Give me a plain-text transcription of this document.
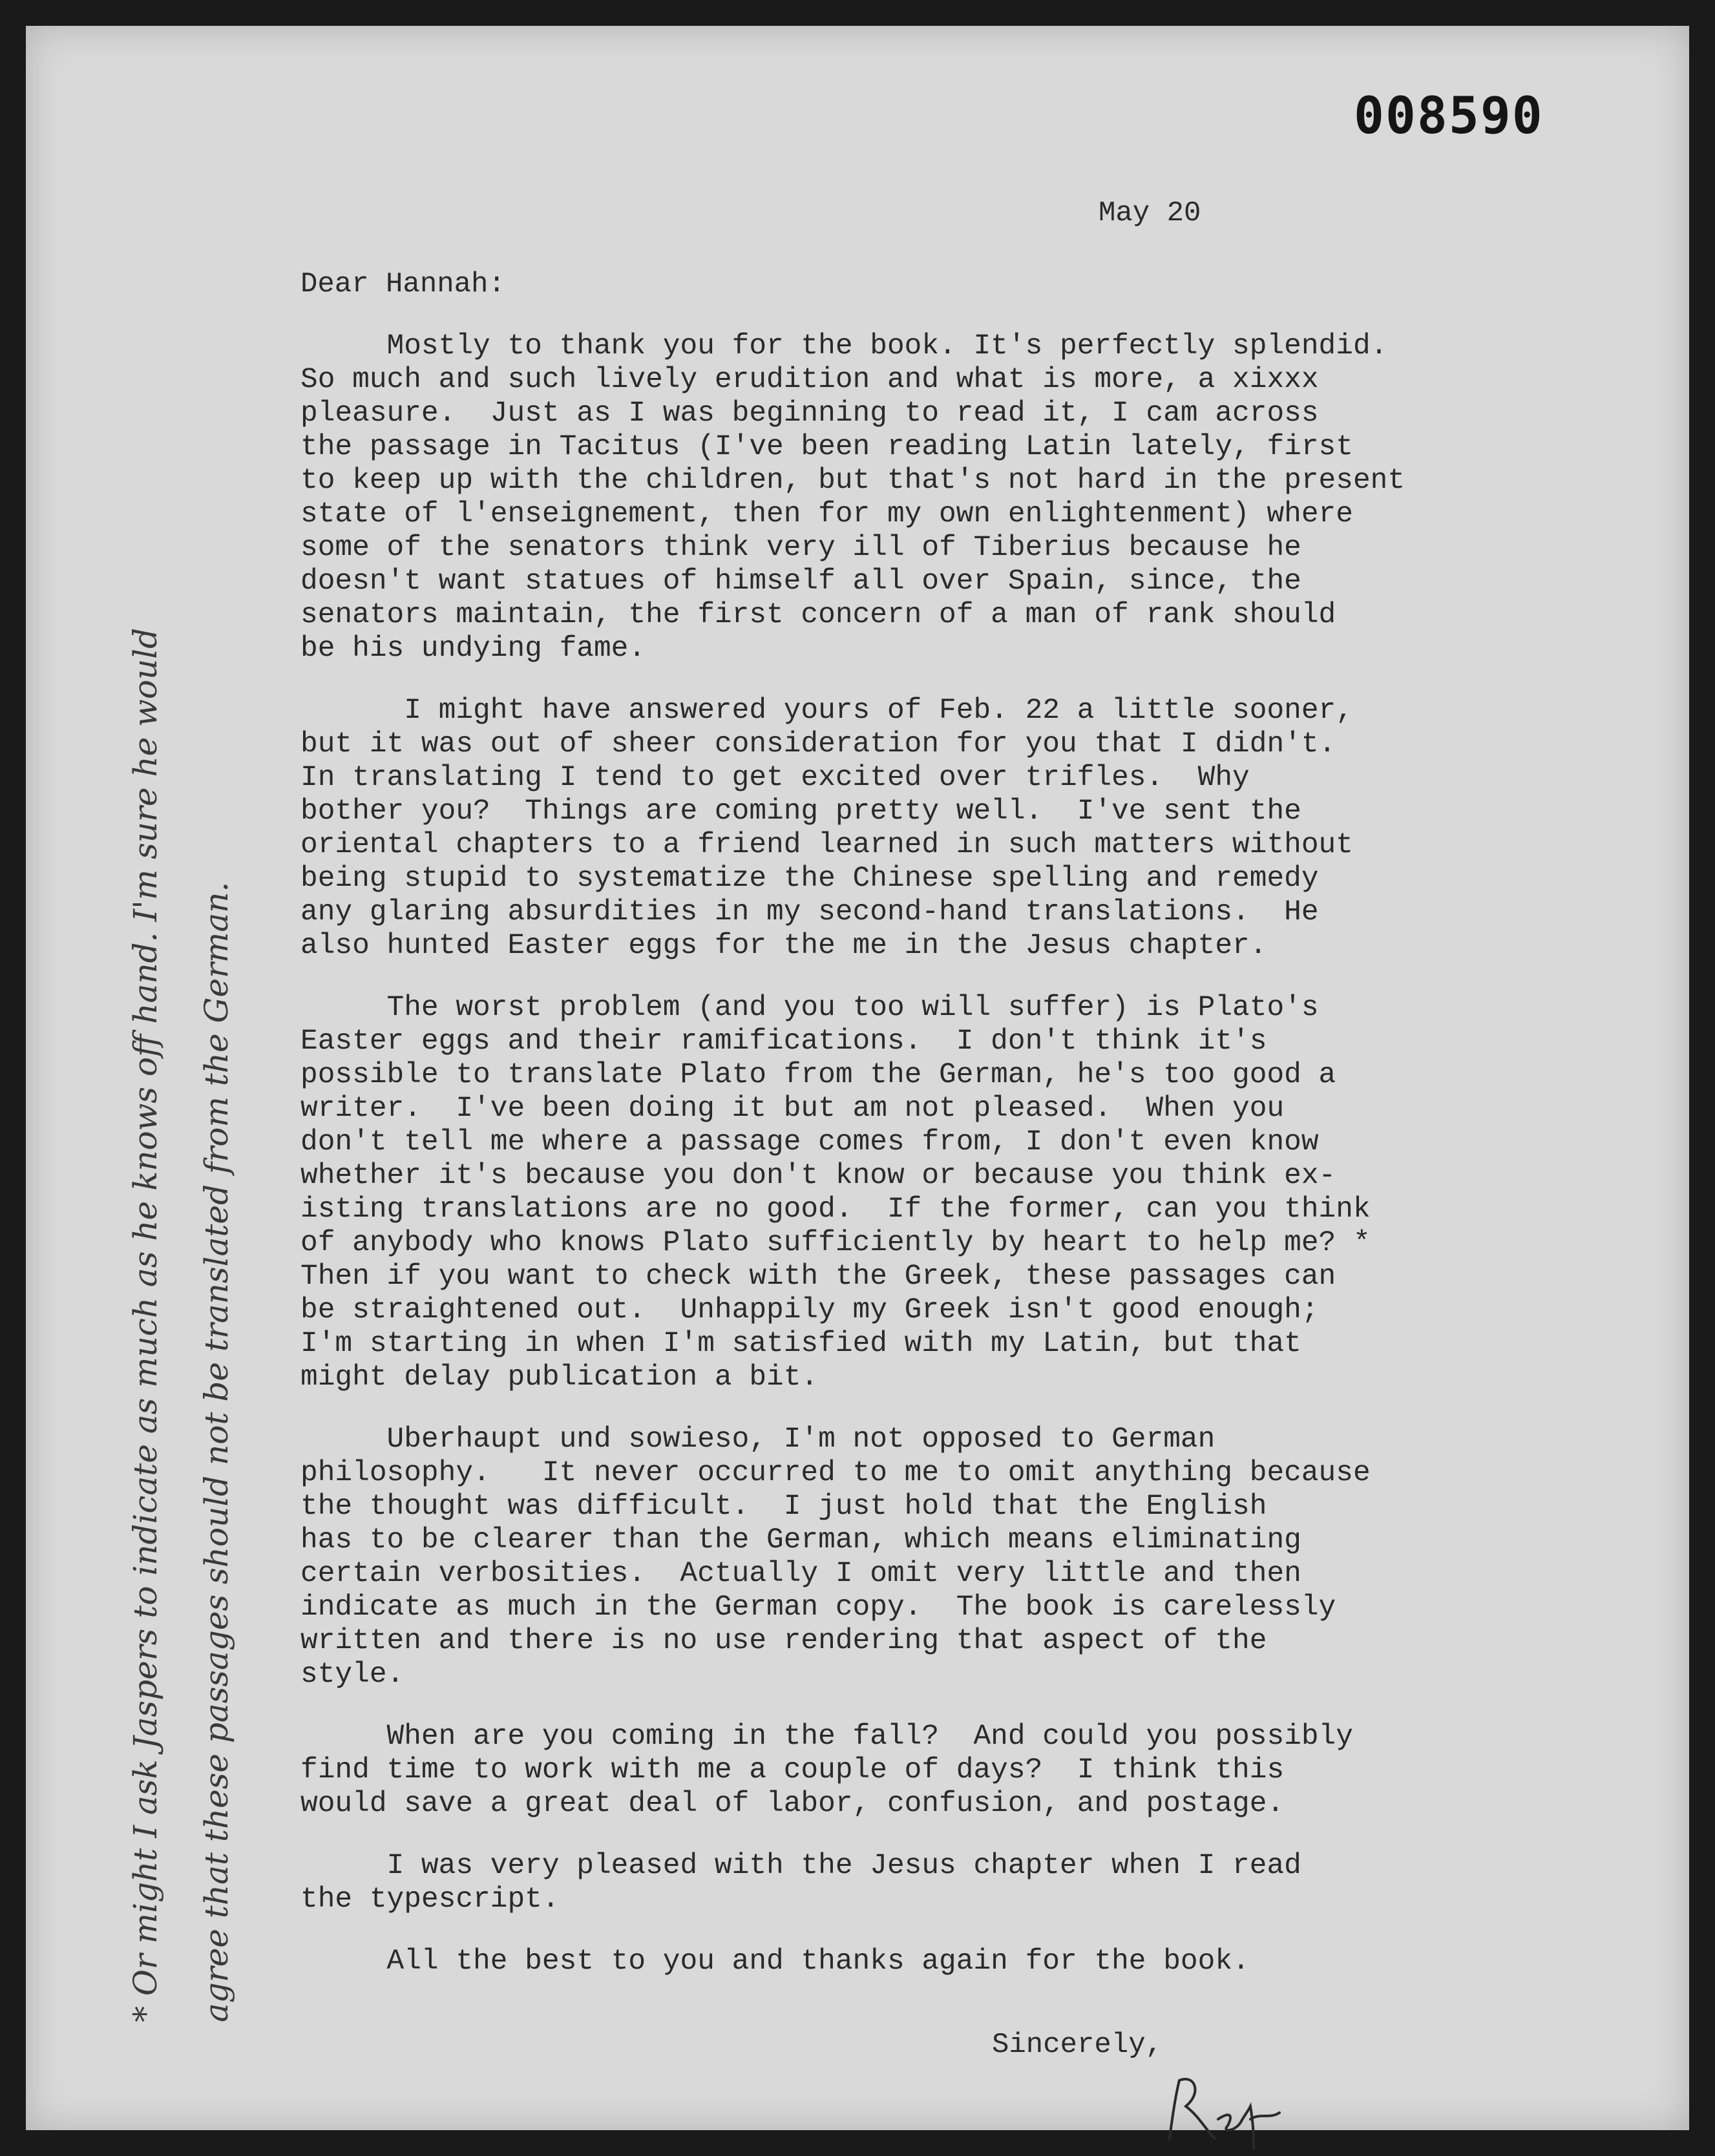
008590
May 20
Dear Hannah:

Mostly to thank you for the book. It's perfectly splendid.
So much and such lively erudition and what is more, a xixxx
pleasure.  Just as I was beginning to read it, I cam across
the passage in Tacitus (I've been reading Latin lately, first
to keep up with the children, but that's not hard in the present
state of l'enseignement, then for my own enlightenment) where
some of the senators think very ill of Tiberius because he
doesn't want statues of himself all over Spain, since, the
senators maintain, the first concern of a man of rank should
be his undying fame.

I might have answered yours of Feb. 22 a little sooner,
but it was out of sheer consideration for you that I didn't.
In translating I tend to get excited over trifles.  Why
bother you?  Things are coming pretty well.  I've sent the
oriental chapters to a friend learned in such matters without
being stupid to systematize the Chinese spelling and remedy
any glaring absurdities in my second-hand translations.  He
also hunted Easter eggs for the me in the Jesus chapter.

The worst problem (and you too will suffer) is Plato's
Easter eggs and their ramifications.  I don't think it's
possible to translate Plato from the German, he's too good a
writer.  I've been doing it but am not pleased.  When you
don't tell me where a passage comes from, I don't even know
whether it's because you don't know or because you think ex-
isting translations are no good.  If the former, can you think
of anybody who knows Plato sufficiently by heart to help me? *
Then if you want to check with the Greek, these passages can
be straightened out.  Unhappily my Greek isn't good enough;
I'm starting in when I'm satisfied with my Latin, but that
might delay publication a bit.

Uberhaupt und sowieso, I'm not opposed to German
philosophy.   It never occurred to me to omit anything because
the thought was difficult.  I just hold that the English
has to be clearer than the German, which means eliminating
certain verbosities.  Actually I omit very little and then
indicate as much in the German copy.  The book is carelessly
written and there is no use rendering that aspect of the
style.

When are you coming in the fall?  And could you possibly
find time to work with me a couple of days?  I think this
would save a great deal of labor, confusion, and postage.

I was very pleased with the Jesus chapter when I read
the typescript.

All the best to you and thanks again for the book.

Sincerely,
* Or might I ask Jaspers to indicate as much as he knows off hand. I'm sure he would	agree that these passages should not be translated from the German.
